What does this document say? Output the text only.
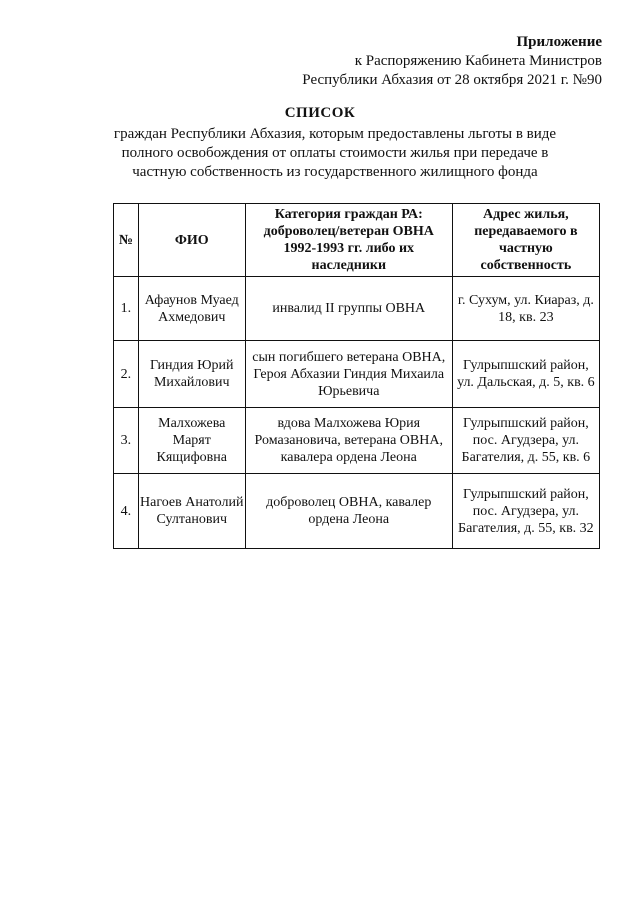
Приложение
к Распоряжению Кабинета Министров
Республики Абхазия от 28 октября 2021 г. №90
СПИСОК
граждан Республики Абхазия, которым предоставлены льготы в виде полного освобождения от оплаты стоимости жилья при передаче в частную собственность из государственного жилищного фонда
№	ФИО	Категория граждан РА: доброволец/ветеран ОВНА 1992-1993 гг. либо их наследники	Адрес жилья, передаваемого в частную собственность
1.	Афаунов Муаед Ахмедович	инвалид II группы ОВНА	г. Сухум, ул. Киараз, д. 18, кв. 23
2.	Гиндия Юрий Михайлович	сын погибшего ветерана ОВНА, Героя Абхазии Гиндия Михаила Юрьевича	Гулрыпшский район, ул. Дальская, д. 5, кв. 6
3.	Малхожева Марят Кящифовна	вдова Малхожева Юрия Ромазановича, ветерана ОВНА, кавалера ордена Леона	Гулрыпшский район, пос. Агудзера, ул. Багателия, д. 55, кв. 6
4.	Нагоев Анатолий Султанович	доброволец ОВНА, кавалер ордена Леона	Гулрыпшский район, пос. Агудзера, ул. Багателия, д. 55, кв. 32
